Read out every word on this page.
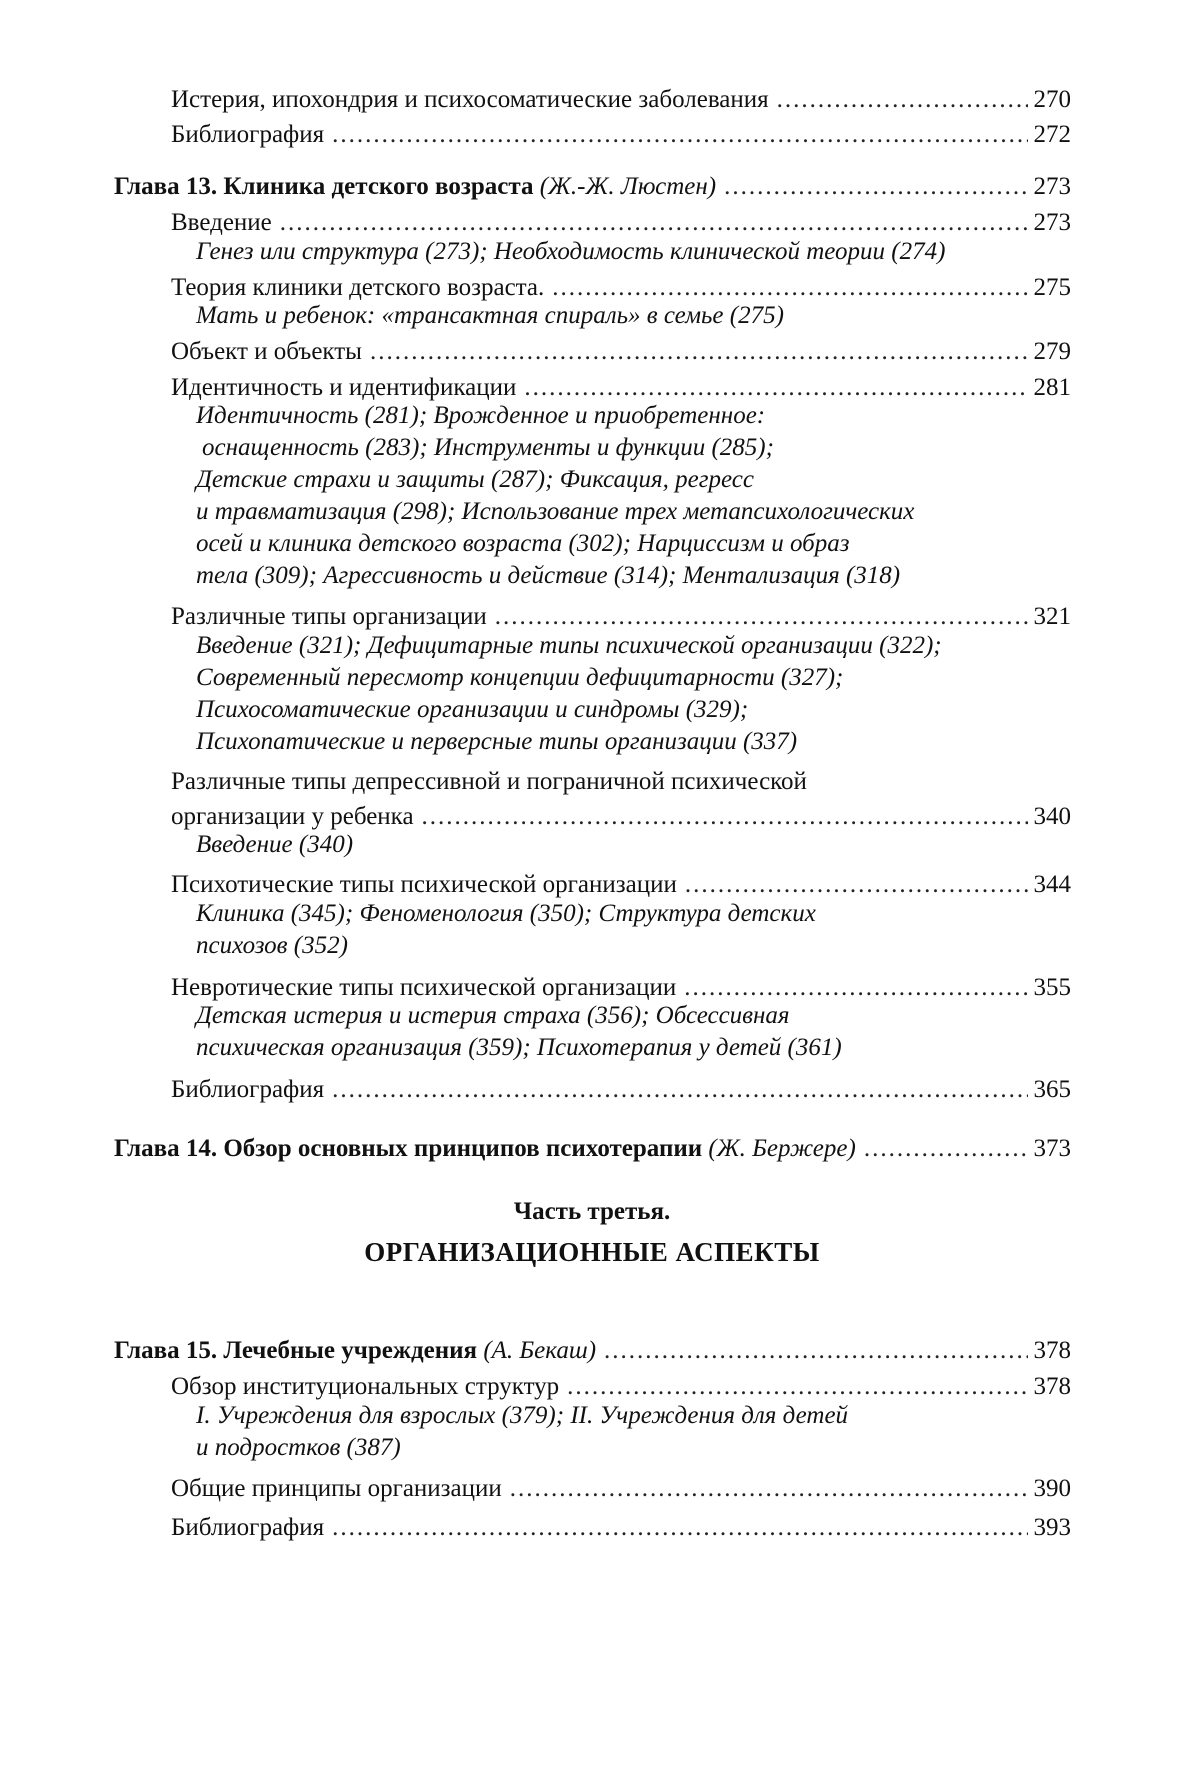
Истерия, ипохондрия и психосоматические заболевания .....	270
Библиография .....	272
Глава 13. Клиника детского возраста (Ж.-Ж. Люстен) .....	273
Введение .....	273
Генез или структура (273); Необходимость клинической теории (274)
Теория клиники детского возраста. .....	275
Мать и ребенок: «трансактная спираль» в семье (275)
Объект и объекты .....	279
Идентичность и идентификации .....	281
Идентичность (281); Врожденное и приобретенное:
оснащенность (283); Инструменты и функции (285);
Детские страхи и защиты (287); Фиксация, регресс
и травматизация (298); Использование трех метапсихологических
осей и клиника детского возраста (302); Нарциссизм и образ
тела (309); Агрессивность и действие (314); Ментализация (318)
Различные типы организации .....	321
Введение (321); Дефицитарные типы психической организации (322);
Современный пересмотр концепции дефицитарности (327);
Психосоматические организации и синдромы (329);
Психопатические и перверсные типы организации (337)
Различные типы депрессивной и пограничной психической
организации у ребенка .....	340
Введение (340)
Психотические типы психической организации .....	344
Клиника (345); Феноменология (350); Структура детских
психозов (352)
Невротические типы психической организации .....	355
Детская истерия и истерия страха (356); Обсессивная
психическая организация (359); Психотерапия у детей (361)
Библиография .....	365
Глава 14. Обзор основных принципов психотерапии (Ж. Бержере) .....	373
Часть третья.
ОРГАНИЗАЦИОННЫЕ АСПЕКТЫ
Глава 15. Лечебные учреждения (А. Бекаш) .....	378
Обзор институциональных структур .....	378
I. Учреждения для взрослых (379); II. Учреждения для детей
и подростков (387)
Общие принципы организации .....	390
Библиография .....	393
